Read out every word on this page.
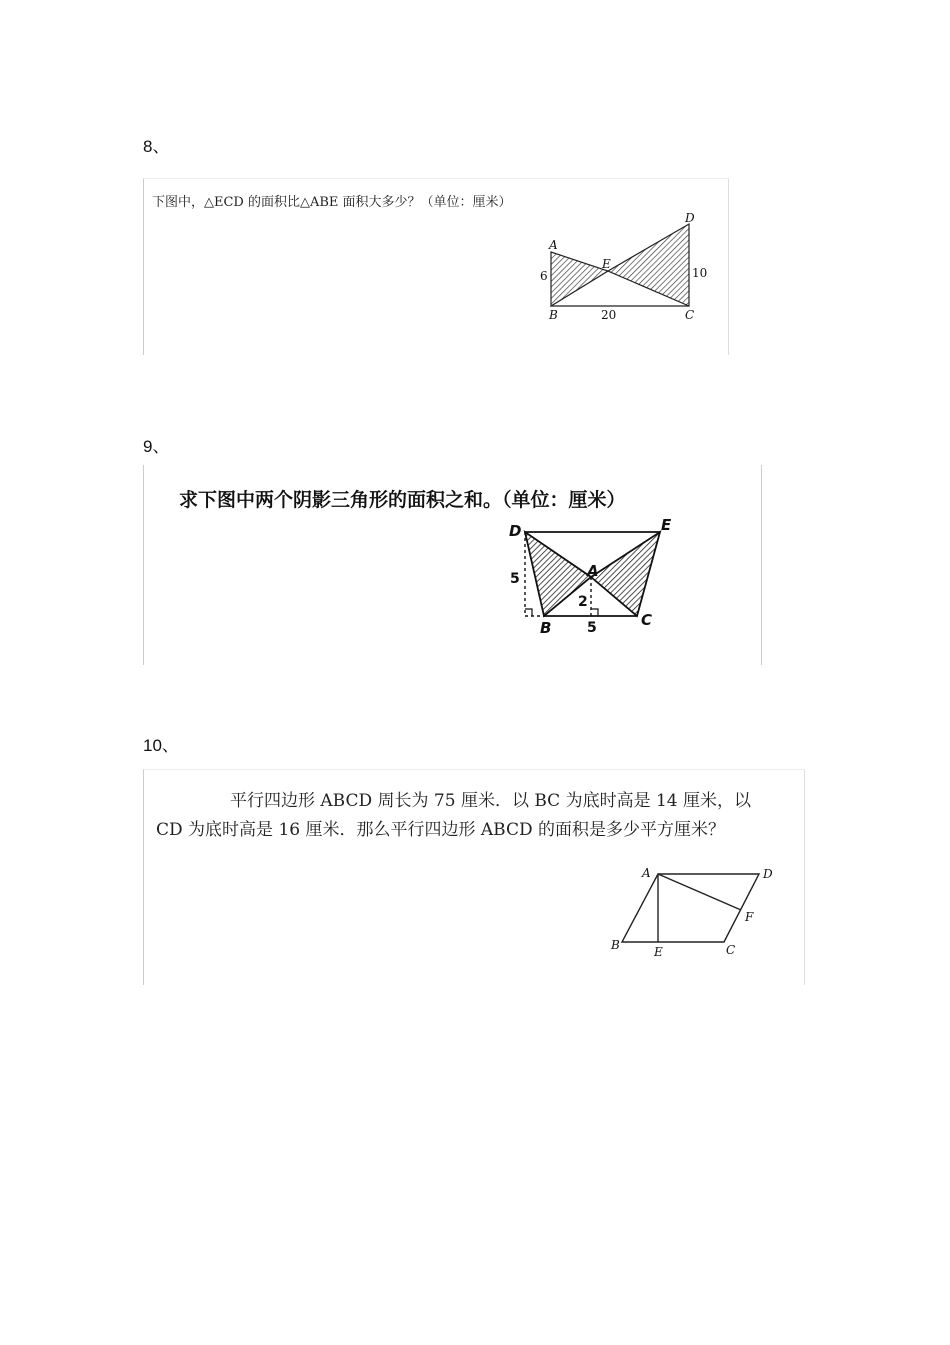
8、
下图中，△ECD 的面积比△ABE 面积大多少？（单位：厘米）
A
B	C
D
E
6
20
10
9、
求下图中两个阴影三角形的面积之和。（单位：厘米）
D	E
A
B	C
5
2
5
10、
平行四边形 ABCD 周长为 75 厘米．以 BC 为底时高是 14 厘米，以
CD 为底时高是 16 厘米．那么平行四边形 ABCD 的面积是多少平方厘米？
A	D
F
B	E	C
